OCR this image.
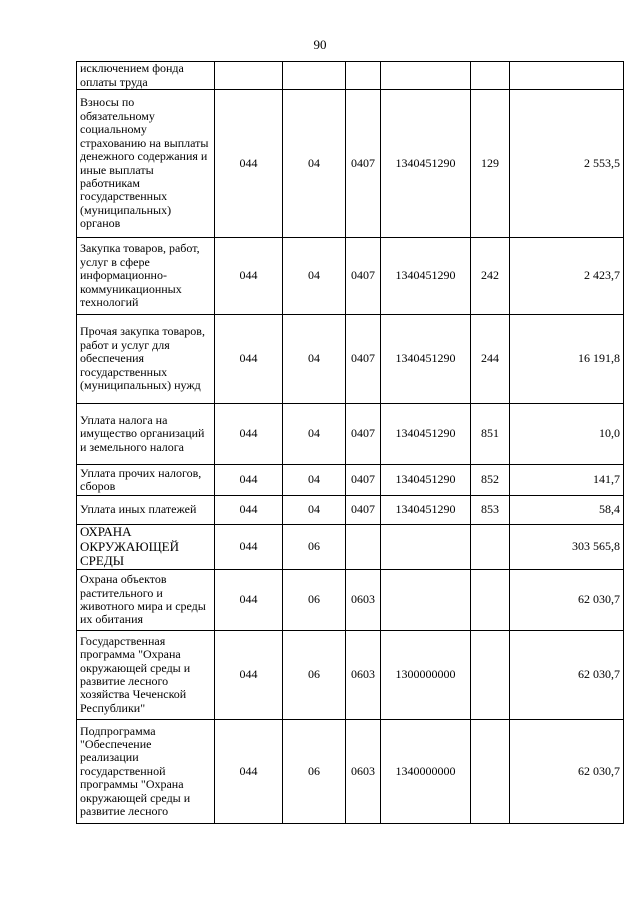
90
исключением фонда оплаты труда						
Взносы по обязательному социальному страхованию на выплаты денежного содержания и иные выплаты работникам государственных (муниципальных) органов	044	04	0407	1340451290	129	2 553,5
Закупка товаров, работ, услуг в сфере информационно-коммуникационных технологий	044	04	0407	1340451290	242	2 423,7
Прочая закупка товаров, работ и услуг для обеспечения государственных (муниципальных) нужд	044	04	0407	1340451290	244	16 191,8
Уплата налога на имущество организаций и земельного налога	044	04	0407	1340451290	851	10,0
Уплата прочих налогов, сборов	044	04	0407	1340451290	852	141,7
Уплата иных платежей	044	04	0407	1340451290	853	58,4
ОХРАНА ОКРУЖАЮЩЕЙ СРЕДЫ	044	06				303 565,8
Охрана объектов растительного и животного мира и среды их обитания	044	06	0603			62 030,7
Государственная программа "Охрана окружающей среды и развитие лесного хозяйства Чеченской Республики"	044	06	0603	1300000000		62 030,7
Подпрограмма "Обеспечение реализации государственной программы "Охрана окружающей среды и развитие лесного	044	06	0603	1340000000		62 030,7
